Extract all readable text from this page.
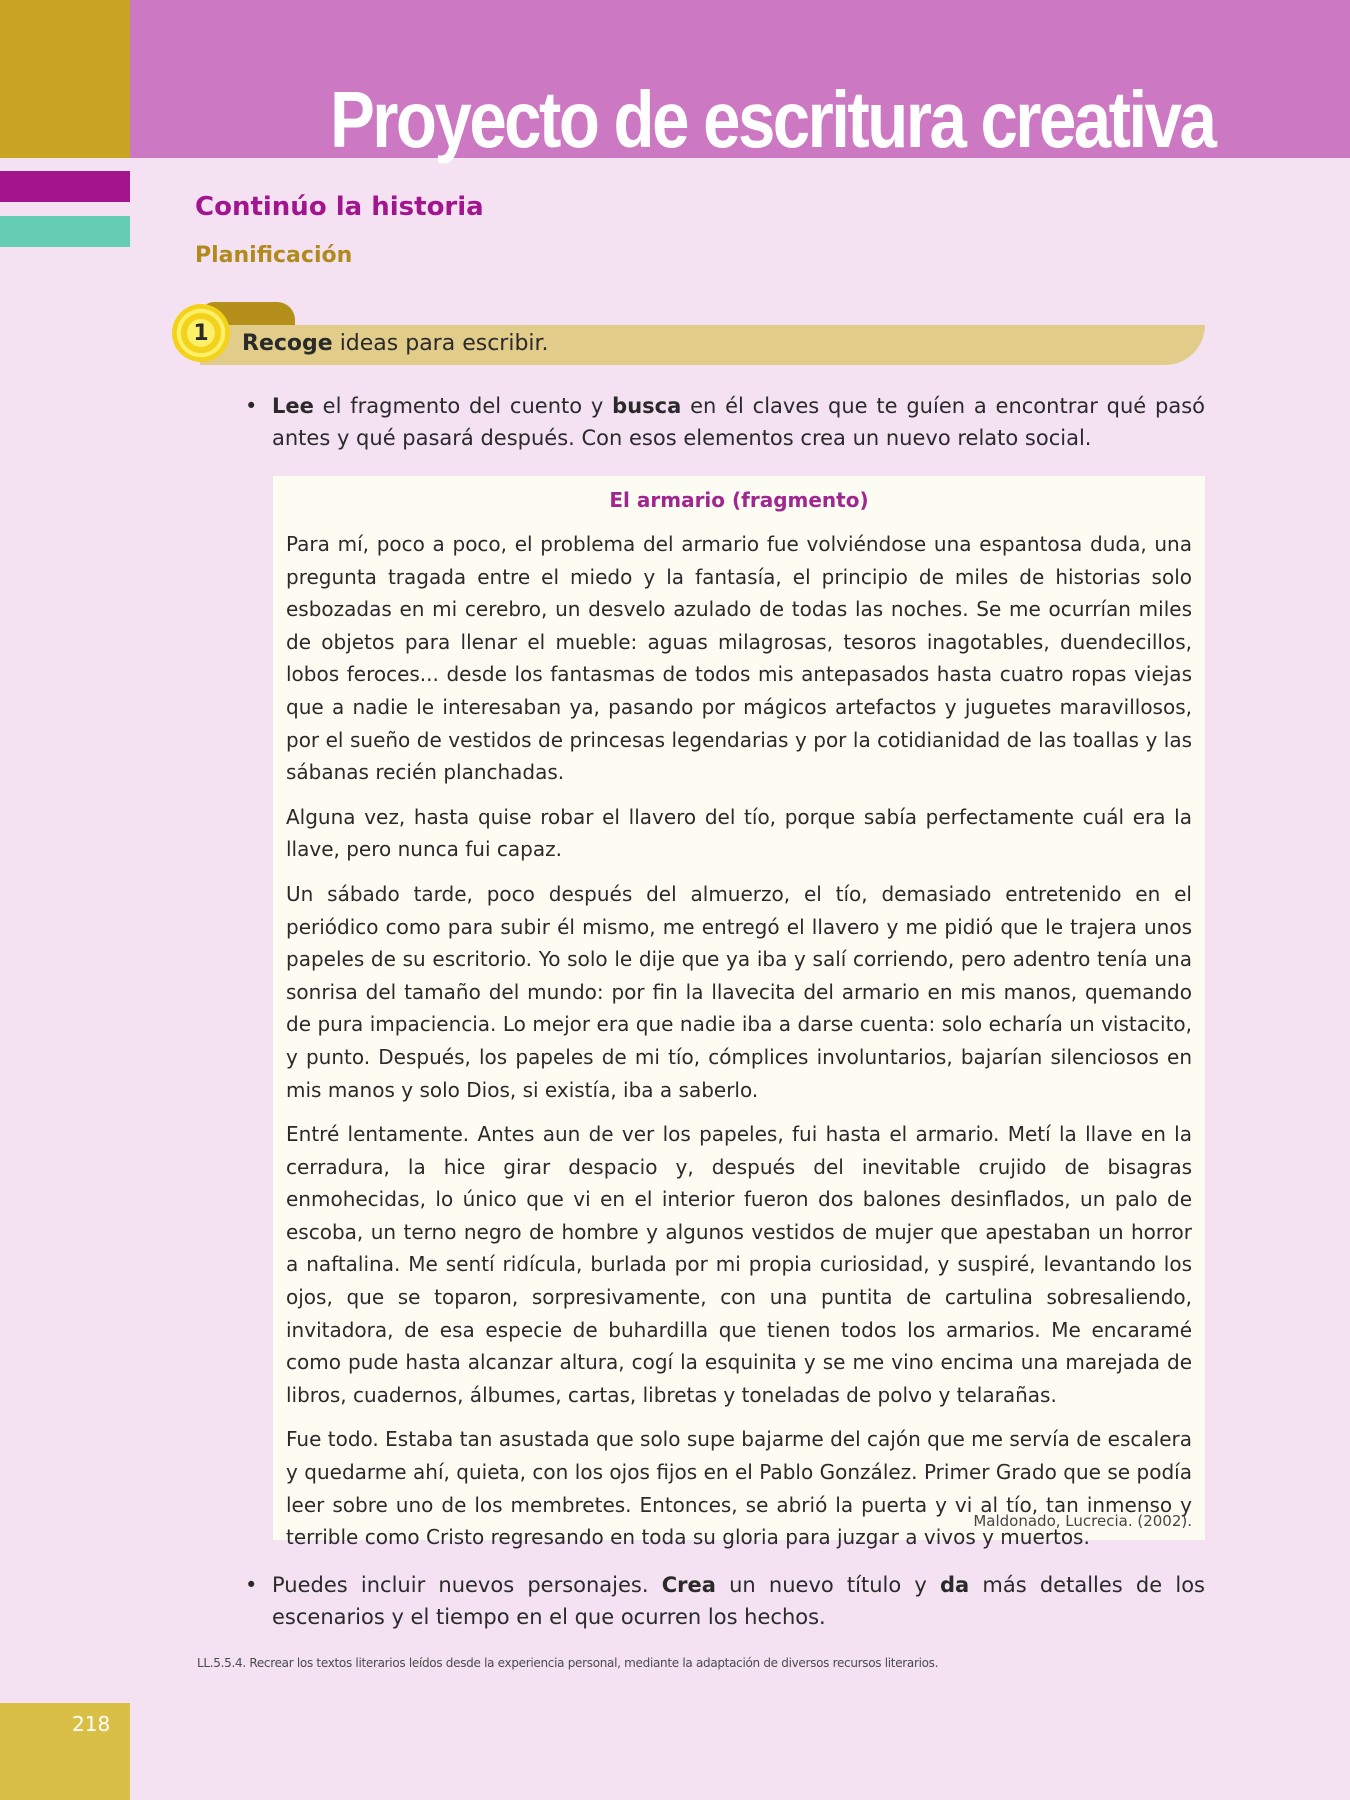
Proyecto de escritura creativa
Continúo la historia
Planificación
1 Recoge ideas para escribir.
• Lee el fragmento del cuento y busca en él claves que te guíen a encontrar qué pasó antes y qué pasará después. Con esos elementos crea un nuevo relato social.
El armario (fragmento)

Para mí, poco a poco, el problema del armario fue volviéndose una espantosa duda, una pregunta tragada entre el miedo y la fantasía, el principio de miles de historias solo esbozadas en mi cerebro, un desvelo azulado de todas las noches. Se me ocurrían miles de objetos para llenar el mueble: aguas milagrosas, tesoros inagotables, duendecillos, lobos feroces... desde los fantasmas de todos mis antepasados hasta cuatro ropas viejas que a nadie le interesaban ya, pasando por mágicos artefactos y juguetes maravillosos, por el sueño de vestidos de princesas legendarias y por la cotidianidad de las toallas y las sábanas recién planchadas.

Alguna vez, hasta quise robar el llavero del tío, porque sabía perfectamente cuál era la llave, pero nunca fui capaz.

Un sábado tarde, poco después del almuerzo, el tío, demasiado entretenido en el periódico como para subir él mismo, me entregó el llavero y me pidió que le trajera unos papeles de su escritorio. Yo solo le dije que ya iba y salí corriendo, pero adentro tenía una sonrisa del tamaño del mundo: por fin la llavecita del armario en mis manos, quemando de pura impaciencia. Lo mejor era que nadie iba a darse cuenta: solo echaría un vistacito, y punto. Después, los papeles de mi tío, cómplices involuntarios, bajarían silenciosos en mis manos y solo Dios, si existía, iba a saberlo.

Entré lentamente. Antes aun de ver los papeles, fui hasta el armario. Metí la llave en la cerradura, la hice girar despacio y, después del inevitable crujido de bisagras enmohecidas, lo único que vi en el interior fueron dos balones desinflados, un palo de escoba, un terno negro de hombre y algunos vestidos de mujer que apestaban un horror a naftalina. Me sentí ridícula, burlada por mi propia curiosidad, y suspiré, levantando los ojos, que se toparon, sorpresivamente, con una puntita de cartulina sobresaliendo, invitadora, de esa especie de buhardilla que tienen todos los armarios. Me encaramé como pude hasta alcanzar altura, cogí la esquinita y se me vino encima una marejada de libros, cuadernos, álbumes, cartas, libretas y toneladas de polvo y telarañas.

Fue todo. Estaba tan asustada que solo supe bajarme del cajón que me servía de escalera y quedarme ahí, quieta, con los ojos fijos en el Pablo González. Primer Grado que se podía leer sobre uno de los membretes. Entonces, se abrió la puerta y vi al tío, tan inmenso y terrible como Cristo regresando en toda su gloria para juzgar a vivos y muertos.

Maldonado, Lucrecia. (2002).
• Puedes incluir nuevos personajes. Crea un nuevo título y da más detalles de los escenarios y el tiempo en el que ocurren los hechos.
LL.5.5.4. Recrear los textos literarios leídos desde la experiencia personal, mediante la adaptación de diversos recursos literarios.
218
